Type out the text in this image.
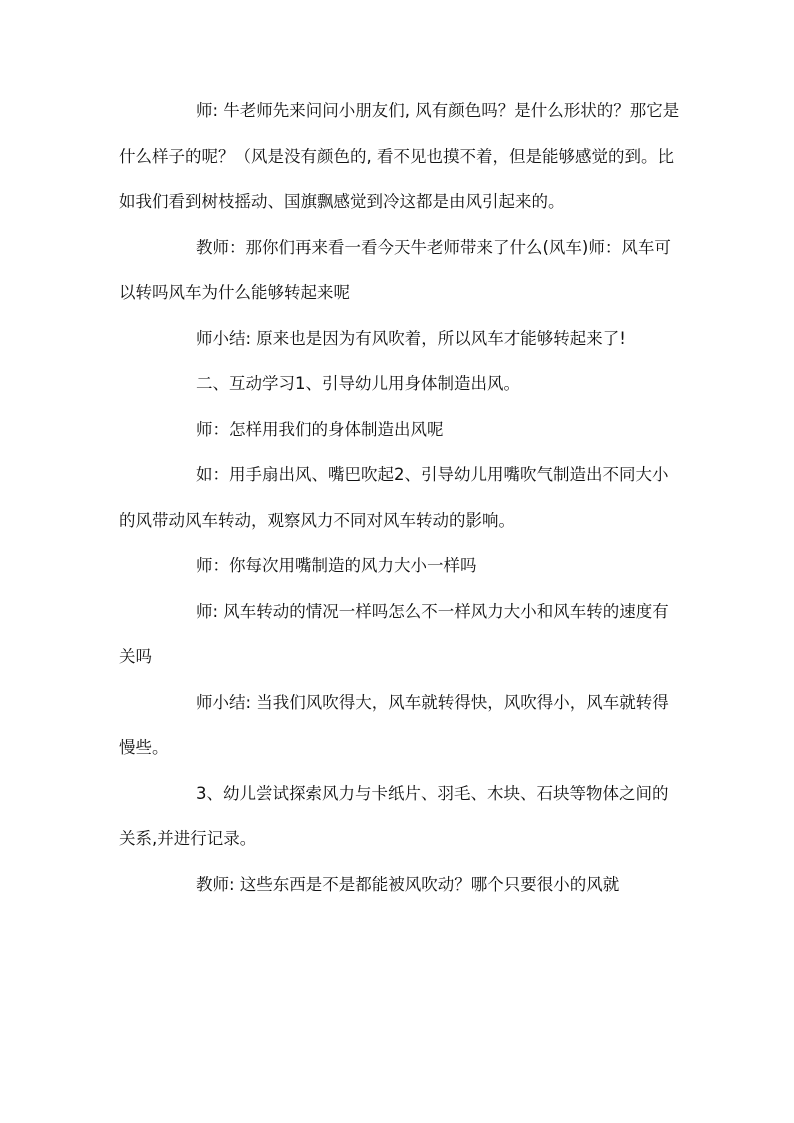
师: 牛老师先来问问小朋友们, 风有颜色吗？是什么形状的？那它是什么样子的呢？（风是没有颜色的, 看不见也摸不着，但是能够感觉的到。比如我们看到树枝摇动、国旗飘感觉到冷这都是由风引起来的。

教师：那你们再来看一看今天牛老师带来了什么(风车)师：风车可以转吗风车为什么能够转起来呢

师小结: 原来也是因为有风吹着，所以风车才能够转起来了!

二、互动学习1、引导幼儿用身体制造出风。

师：怎样用我们的身体制造出风呢

如：用手扇出风、嘴巴吹起2、引导幼儿用嘴吹气制造出不同大小的风带动风车转动，观察风力不同对风车转动的影响。

师：你每次用嘴制造的风力大小一样吗

师: 风车转动的情况一样吗怎么不一样风力大小和风车转的速度有关吗

师小结: 当我们风吹得大，风车就转得快，风吹得小，风车就转得慢些。

3、幼儿尝试探索风力与卡纸片、羽毛、木块、石块等物体之间的关系,并进行记录。

教师: 这些东西是不是都能被风吹动？哪个只要很小的风就
